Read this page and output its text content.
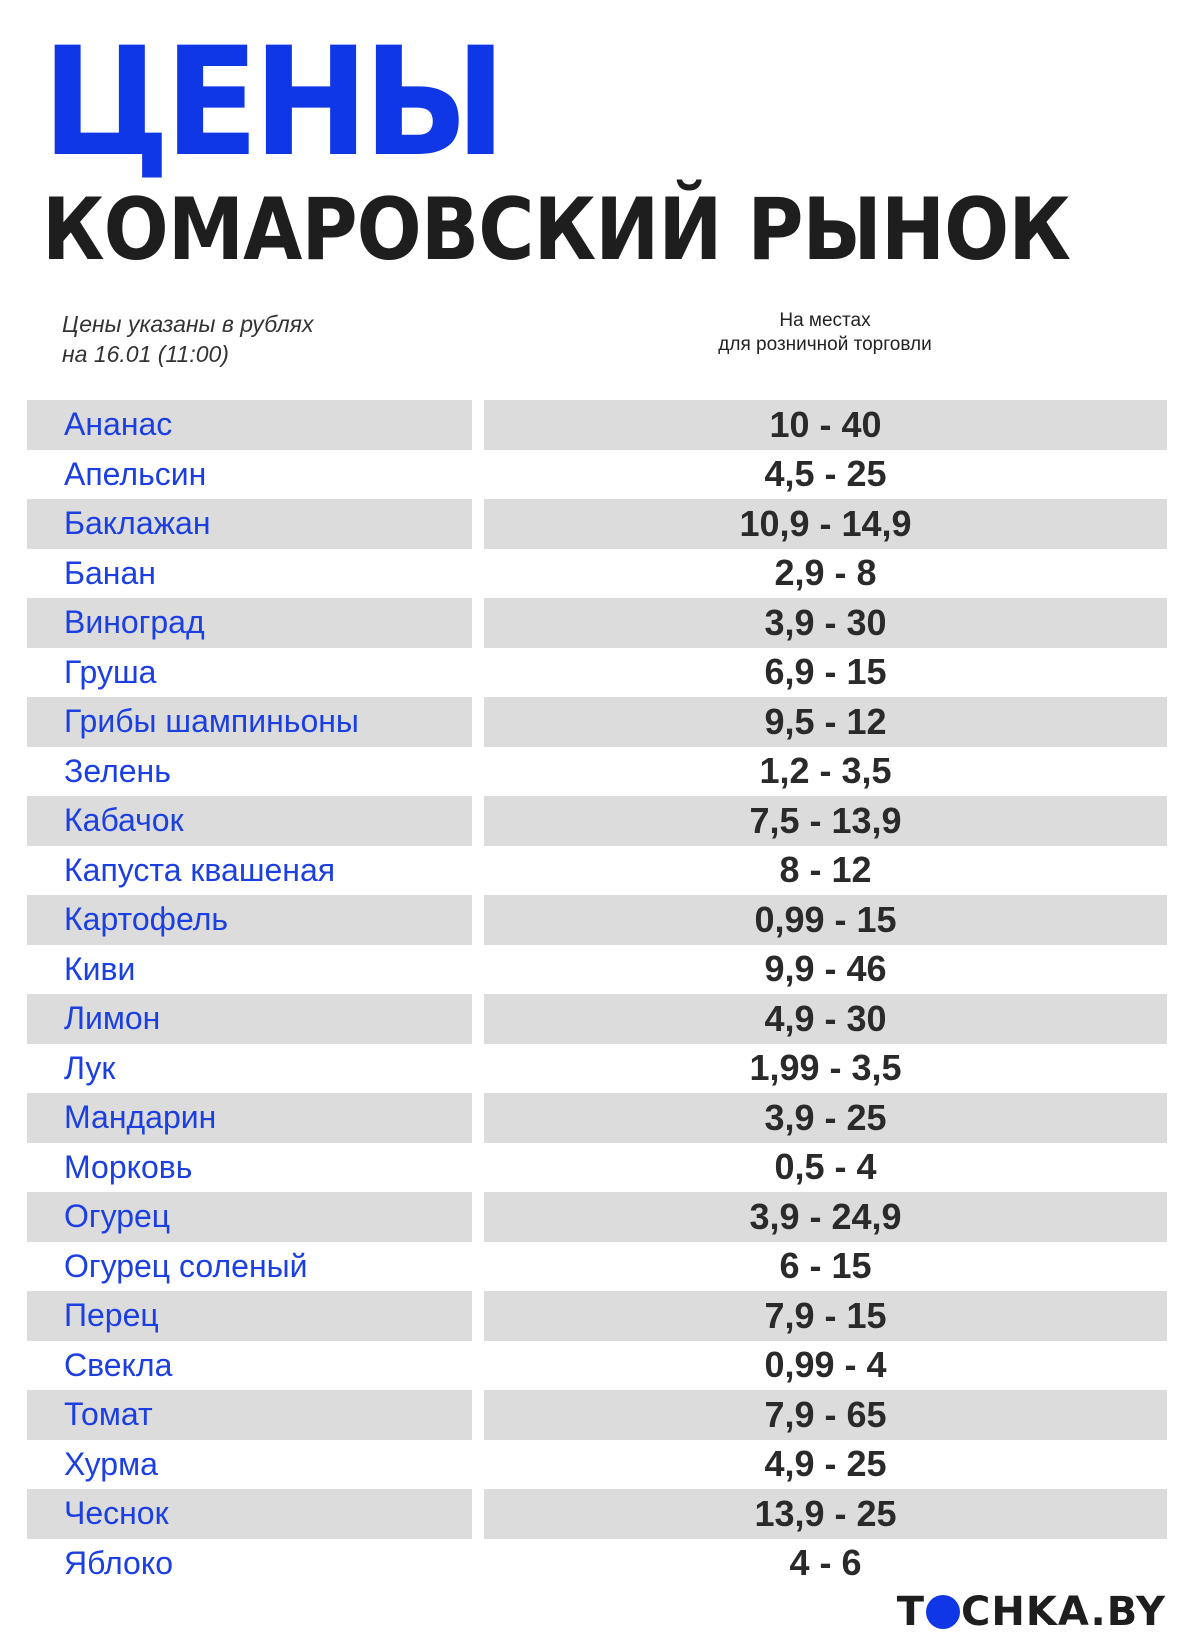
ЦЕНЫ
КОМАРОВСКИЙ РЫНОК
Цены указаны в рублях
на 16.01 (11:00)
На местах
для розничной торговли
Ананас	10 - 40
Апельсин	4,5 - 25
Баклажан	10,9 - 14,9
Банан	2,9 - 8
Виноград	3,9 - 30
Груша	6,9 - 15
Грибы шампиньоны	9,5 - 12
Зелень	1,2 - 3,5
Кабачок	7,5 - 13,9
Капуста квашеная	8 - 12
Картофель	0,99 - 15
Киви	9,9 - 46
Лимон	4,9 - 30
Лук	1,99 - 3,5
Мандарин	3,9 - 25
Морковь	0,5 - 4
Огурец	3,9 - 24,9
Огурец соленый	6 - 15
Перец	7,9 - 15
Свекла	0,99 - 4
Томат	7,9 - 65
Хурма	4,9 - 25
Чеснок	13,9 - 25
Яблоко	4 - 6
T CHKA.BY
